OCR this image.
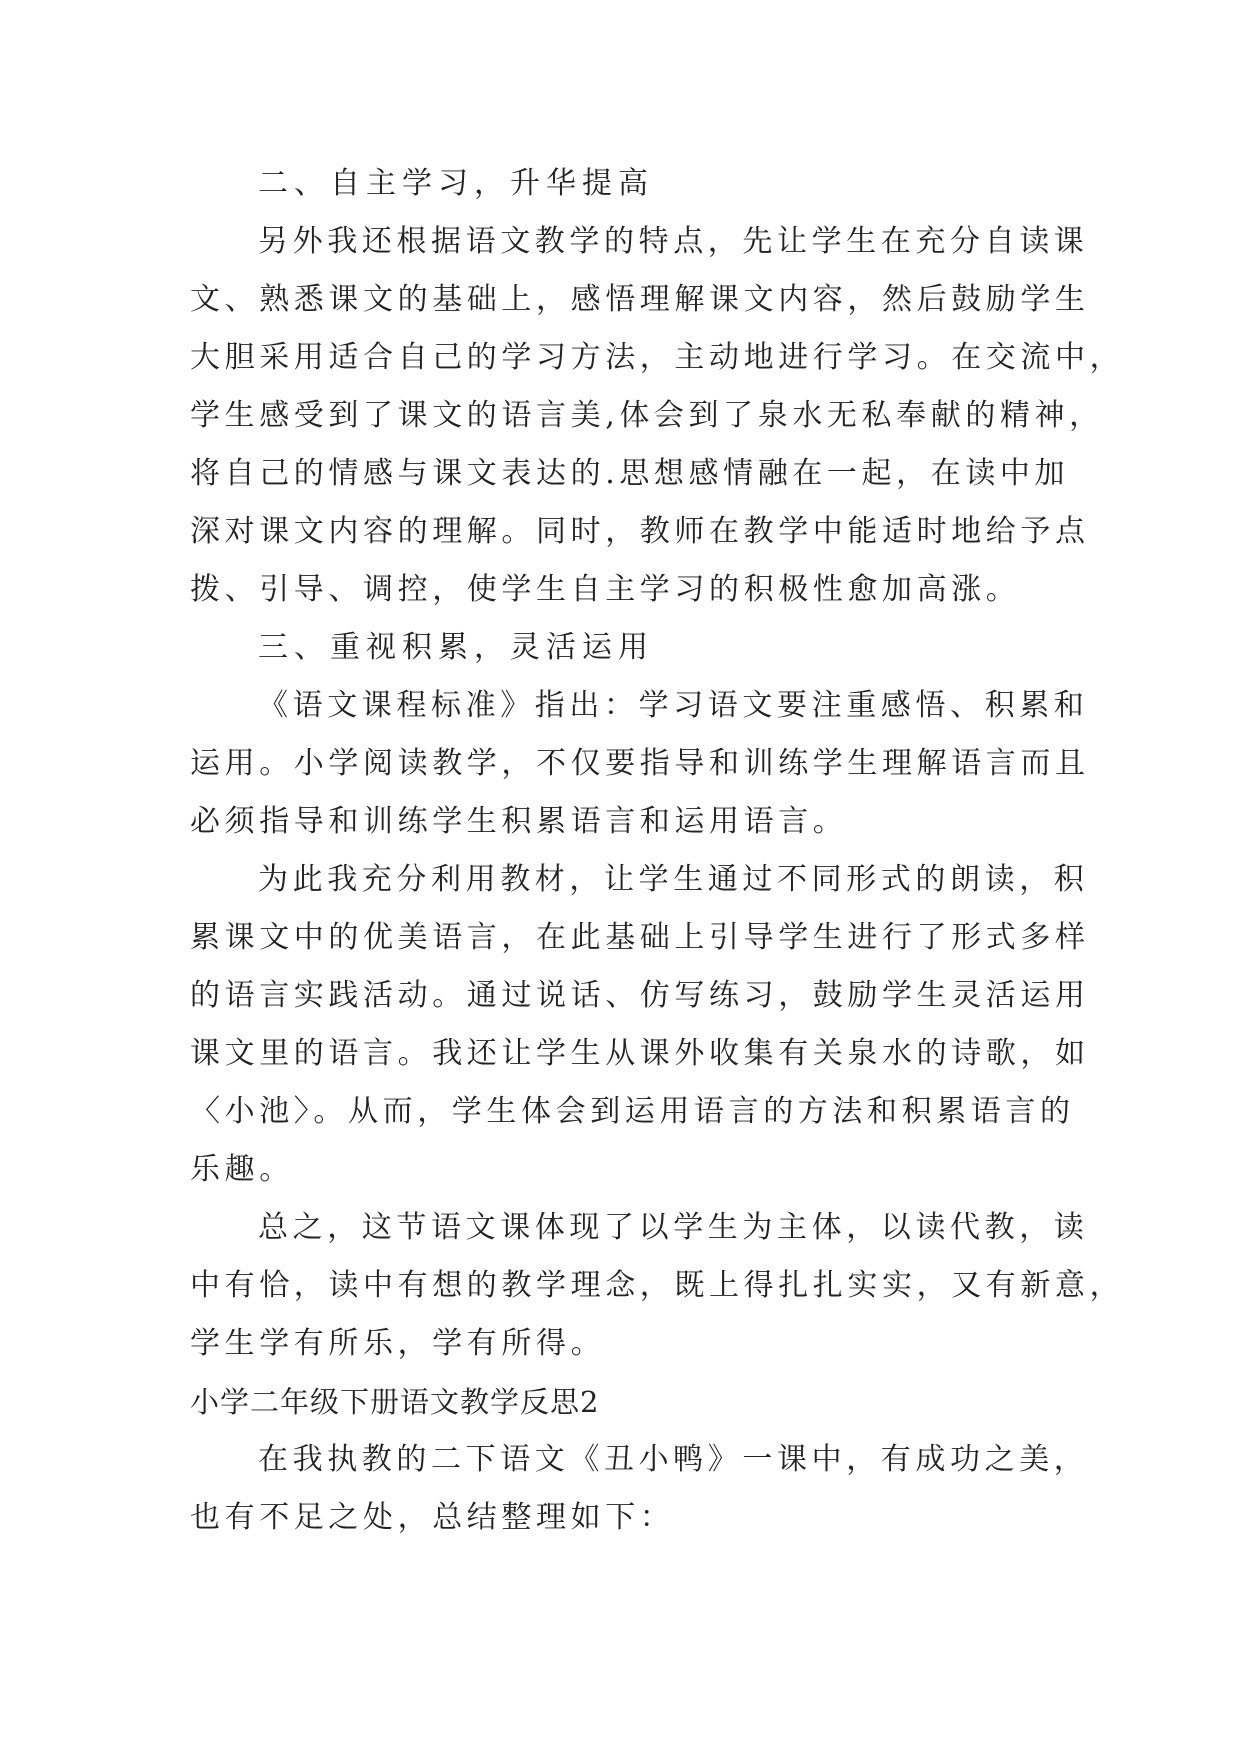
二、自主学习，升华提高
另外我还根据语文教学的特点，先让学生在充分自读课
文、熟悉课文的基础上，感悟理解课文内容，然后鼓励学生
大胆采用适合自己的学习方法，主动地进行学习。在交流中，
学生感受到了课文的语言美,体会到了泉水无私奉献的精神，
将自己的情感与课文表达的.思想感情融在一起，在读中加
深对课文内容的理解。同时，教师在教学中能适时地给予点
拨、引导、调控，使学生自主学习的积极性愈加高涨。
三、重视积累，灵活运用
《语文课程标准》指出：学习语文要注重感悟、积累和
运用。小学阅读教学，不仅要指导和训练学生理解语言而且
必须指导和训练学生积累语言和运用语言。
为此我充分利用教材，让学生通过不同形式的朗读，积
累课文中的优美语言，在此基础上引导学生进行了形式多样
的语言实践活动。通过说话、仿写练习，鼓励学生灵活运用
课文里的语言。我还让学生从课外收集有关泉水的诗歌，如
〈小池〉。从而，学生体会到运用语言的方法和积累语言的
乐趣。
总之，这节语文课体现了以学生为主体，以读代教，读
中有恰，读中有想的教学理念，既上得扎扎实实，又有新意，
学生学有所乐，学有所得。
小学二年级下册语文教学反思2
在我执教的二下语文《丑小鸭》一课中，有成功之美，
也有不足之处，总结整理如下：
